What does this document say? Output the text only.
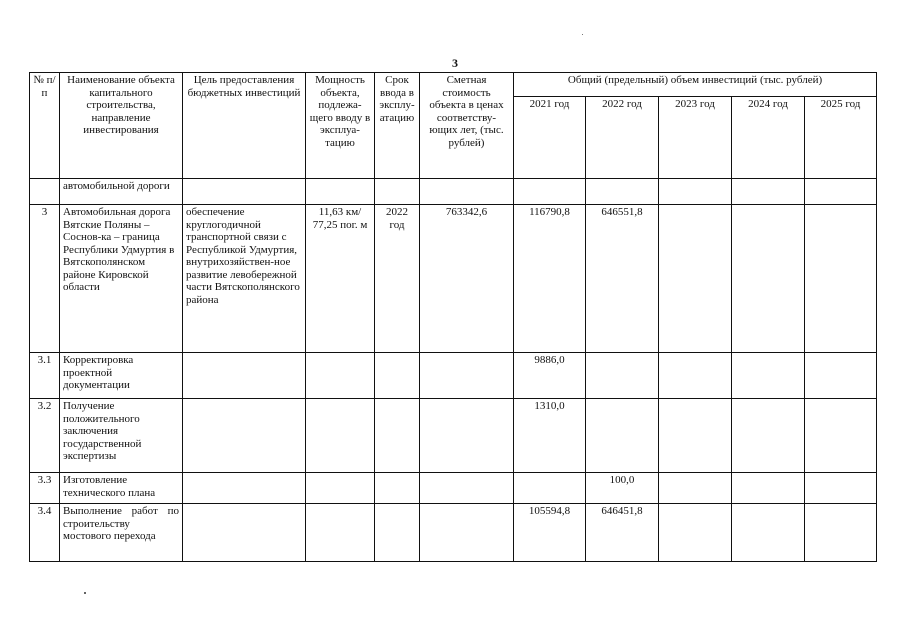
3
№ п/п	Наименование объекта капитального строительства, направление инвестирования	Цель предоставления бюджетных инвестиций	Мощность объекта, подлежа-щего вводу в эксплуа-тацию	Срок ввода в эксплу-атацию	Сметная стоимость объекта в ценах соответству-ющих лет, (тыс. рублей)	Общий (предельный) объем инвестиций (тыс. рублей)				
						2021 год	2022 год	2023 год	2024 год	2025 год
	автомобильной дороги									
3	Автомобильная дорога Вятские Поляны – Соснов-ка – граница Республики Удмуртия в Вятскополянском районе Кировской области	обеспечение круглогодичной транспортной связи с Республикой Удмуртия, внутрихозяйствен-ное развитие левобережной части Вятскополянского района	11,63 км/ 77,25 пог. м	2022 год	763342,6	116790,8	646551,8			
3.1	Корректировка проектной документации					9886,0				
3.2	Получение положительного заключения государственной экспертизы					1310,0				
3.3	Изготовление технического плана						100,0			
3.4	Выполнение работ по строительству мостового перехода					105594,8	646451,8			
